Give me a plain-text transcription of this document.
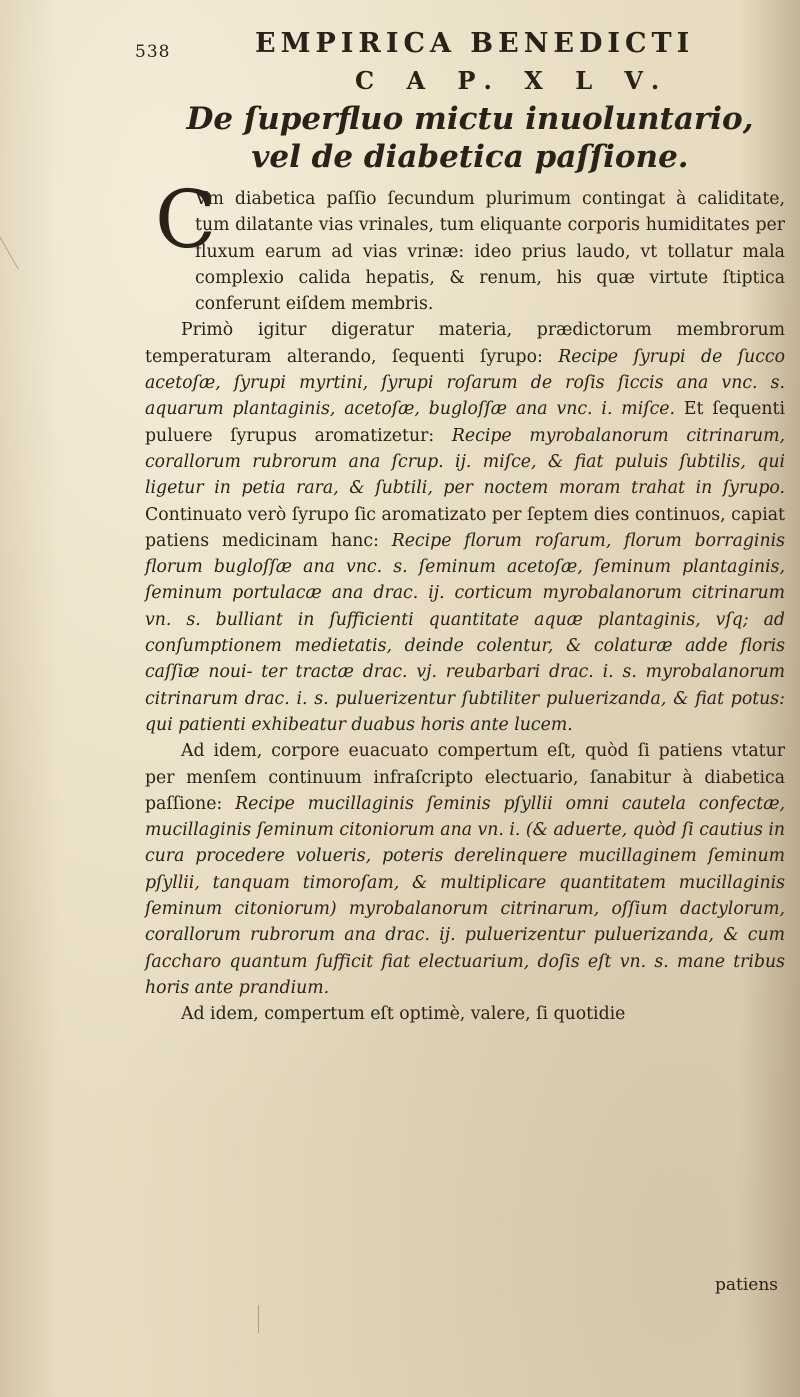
538	EMPIRICA BENEDICTI
C A P. X L V.
De ſuperfluo mictu inuoluntario, vel de diabetica paſſione.
C

Vm diabetica paſſio ſecundum plurimum contingat à caliditate, tum dilatante vias vrinales, tum eliquante corporis humiditates per fluxum earum ad vias vrinæ: ideo prius laudo, vt tollatur mala complexio calida hepatis, & renum, his quæ virtute ſtiptica conferunt eiſdem membris.

Primò igitur digeratur materia, prædictorum membrorum temperaturam alterando, ſequenti ſyrupo: Recipe ſyrupi de ſucco acetoſæ, ſyrupi myrtini, ſyrupi roſarum de roſis ſiccis ana vnc. s. aquarum plantaginis, acetoſæ, bugloſſæ ana vnc. i. miſce. Et ſequenti puluere ſyrupus aromatizetur: Recipe myrobalanorum citrinarum, corallorum rubrorum ana ſcrup. ij. miſce, & fiat puluis ſubtilis, qui ligetur in petia rara, & ſubtili, per noctem moram trahat in ſyrupo. Continuato verò ſyrupo ſic aromatizato per ſeptem dies continuos, capiat patiens medicinam hanc: Recipe florum roſarum, florum borraginis florum bugloſſæ ana vnc. s. ſeminum acetoſæ, ſeminum plantaginis, ſeminum portulacæ ana drac. ij. corticum myrobalanorum citrinarum vn. s. bulliant in ſufficienti quantitate aquæ plantaginis, vſq; ad conſumptionem medietatis, deinde colentur, & colaturæ adde floris caſſiæ noui- ter tractæ drac. vj. reubarbari drac. i. s. myrobalanorum citrinarum drac. i. s. puluerizentur ſubtiliter puluerizanda, & fiat potus: qui patienti exhibeatur duabus horis ante lucem.

Ad idem, corpore euacuato compertum eſt, quòd ſi patiens vtatur per menſem continuum infraſcripto electuario, ſanabitur à diabetica paſſione: Recipe mucillaginis ſeminis pſyllii omni cautela confectæ, mucillaginis ſeminum citoniorum ana vn. i. (& aduerte, quòd ſi cautius in cura procedere volueris, poteris derelinquere mucillaginem ſeminum pſyllii, tanquam timoroſam, & multiplicare quantitatem mucillaginis ſeminum citoniorum) myrobalanorum citrinarum, oſſium dactylorum, corallorum rubrorum ana drac. ij. puluerizentur puluerizanda, & cum ſaccharo quantum ſufficit fiat electuarium, doſis eſt vn. s. mane tribus horis ante prandium.

Ad idem, compertum eſt optimè, valere, ſi quotidie

patiens
